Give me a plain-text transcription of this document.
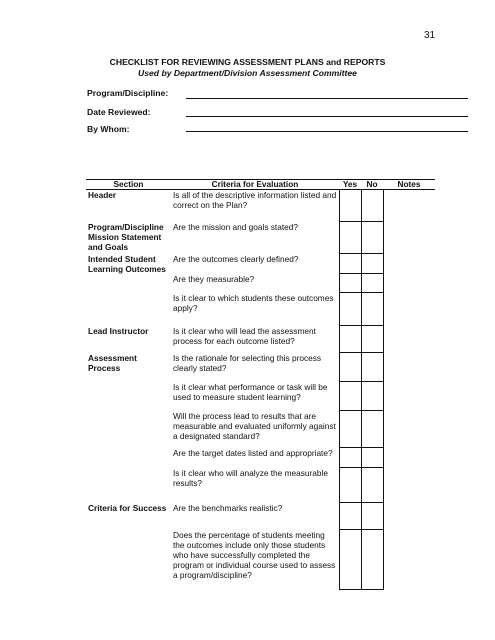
31
CHECKLIST FOR REVIEWING ASSESSMENT PLANS and REPORTS
Used by Department/Division Assessment Committee
Program/Discipline:
Date Reviewed:
By Whom:
Section	Criteria for Evaluation	Yes	No	Notes
Header	Is all of the descriptive information listed and correct on the Plan?			
Program/Discipline Mission Statement and Goals	Are the mission and goals stated?			
Intended Student Learning Outcomes	Are the outcomes clearly defined?			
	Are they measurable?			
	Is it clear to which students these outcomes apply?			
Lead Instructor	Is it clear who will lead the assessment process for each outcome listed?			
Assessment Process	Is the rationale for selecting this process clearly stated?			
	Is it clear what performance or task will be used to measure student learning?			
	Will the process lead to results that are measurable and evaluated uniformly against a designated standard?			
	Are the target dates listed and appropriate?			
	Is it clear who will analyze the measurable results?			
Criteria for Success	Are the benchmarks realistic?			
	Does the percentage of students meeting the outcomes include only those students who have successfully completed the program or individual course used to assess a program/discipline?			
